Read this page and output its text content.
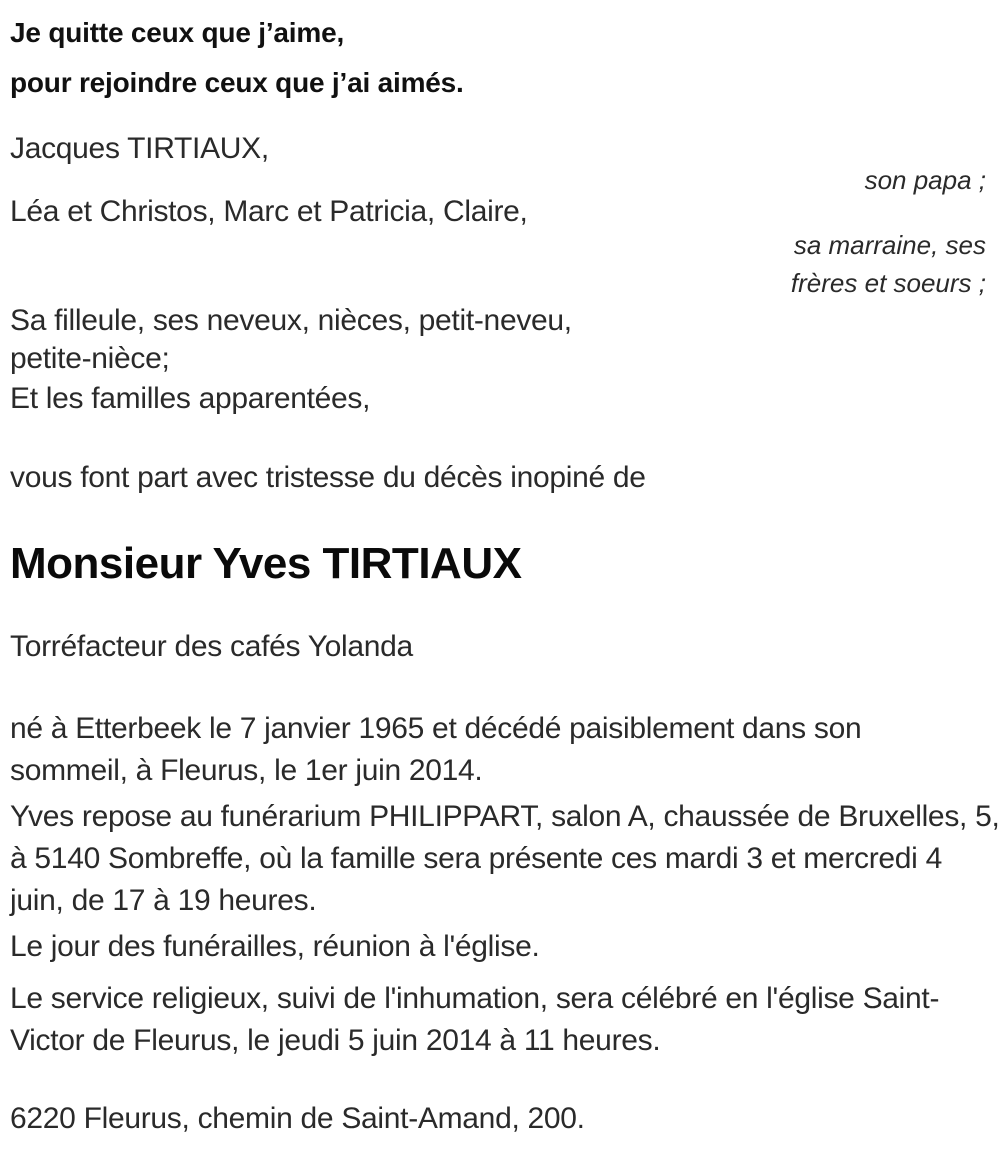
Je quitte ceux que j’aime,
pour rejoindre ceux que j’ai aimés.
Jacques TIRTIAUX,
son papa ;
Léa et Christos, Marc et Patricia, Claire,
sa marraine, ses
frères et soeurs ;
Sa filleule, ses neveux, nièces, petit-neveu,
petite-nièce;
Et les familles apparentées,
vous font part avec tristesse du décès inopiné de
Monsieur Yves TIRTIAUX
Torréfacteur des cafés Yolanda
né à Etterbeek le 7 janvier 1965 et décédé paisiblement dans son
sommeil, à Fleurus, le 1er juin 2014.
Yves repose au funérarium PHILIPPART, salon A, chaussée de Bruxelles, 5,
à 5140 Sombreffe, où la famille sera présente ces mardi 3 et mercredi 4
juin, de 17 à 19 heures.
Le jour des funérailles, réunion à l'église.
Le service religieux, suivi de l'inhumation, sera célébré en l'église Saint-
Victor de Fleurus, le jeudi 5 juin 2014 à 11 heures.
6220 Fleurus, chemin de Saint-Amand, 200.
